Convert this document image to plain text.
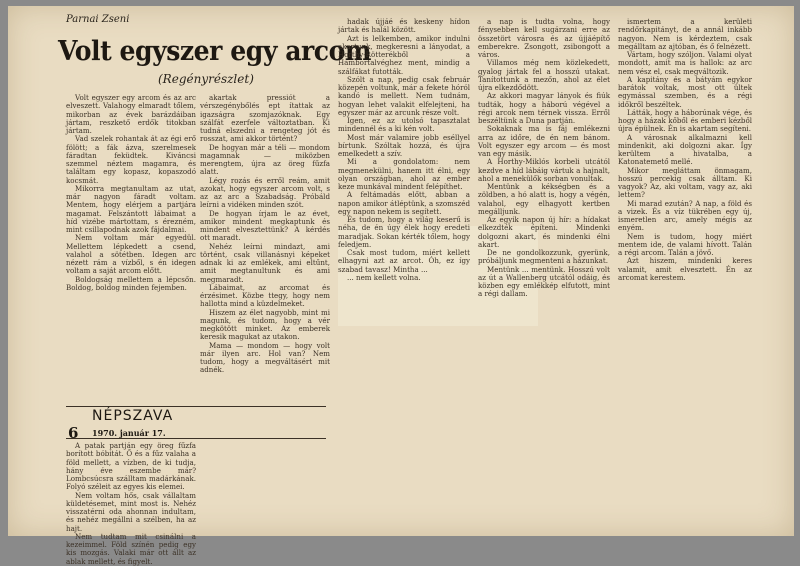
Parnai Zseni
Volt egyszer egy arcom
(Regényrészlet)

Volt egyszer egy arcom és az arc elveszett. Valahogy elmaradt tőlem, mikorban az évek barázdáiban jártam, reszkető erdők titokban jártam.

Vad szelek rohantak át az égi erő fölött; a fák ázva, szerelmesek fáradtan feküdtek. Kiváncsi szemmel néztem magamra, és találtam egy kopasz, kopaszodó kocsmát.

Mikorra megtanultam az utat, már nagyon fáradt voltam. Mentem, hogy elérjem a partjára magamat. Felszántott lábaimat a híd vizébe mártottam, s érezném, mint csillapodnak azok fájdalmai.

Nem voltam már egyedül. Mellettem lépkedett a csend, valahol a sötétben. Idegen arc nézett rám a vízből, s én idegen voltam a saját arcom előtt.

Boldogság mellettem a lépcsőn. Boldog, boldog minden fejemben.

akartak pressiót a vérszegénybőlés ept ítattak az igazságra szomjazóknak. Egy szálfát ezerfele változtatban. Ki tudná elszedni a rengeteg jót és rosszat, ami akkor történt?

De hogyan már a téli — mondom magamnak — miközben merengtem, újra az öreg fűzfa alatt.

Légy rozás és erről reám, amit azokat, hogy egyszer arcom volt, s az az arc a Szabadság. Próbáld leírni a vidéken minden szót.

De hogyan írjam le az évet, amikor mindent megkaptunk és mindent elvesztettünk? A kérdés ott maradt.

Nehéz leírni mindazt, ami történt, csak villanásnyi képeket adnak ki az emlékek, ami eltűnt, amit megtanultunk és ami megmaradt.

Lábaimat, az arcomat és érzésimet. Közbe ttegy, hogy nem hallotta mind a küzdelmeket.

Hiszem az élet nagyobb, mint mi magunk, és tudom, hogy a vér megkötött minket. Az emberek keresik magukat az utakon.

Mama — mondom — hogy volt már ilyen arc. Hol van? Nem tudom, hogy a megváltásért mit adnék.

hadak újjáé és keskeny hídon jártak és halál között.

Azt is lelkemben, amikor indulni akartunk, megkeresni a lányodat, a Horthy-Rötterékből a Hámbortalvéghez ment, mindig a szálfákat futották.

Szólt a nap, pedig csak február közepén voltunk, már a fekete hóról kandó is mellett. Nem tudnám, hogyan lehet valakit elfelejteni, ha egyszer már az arcunk része volt.

Igen, ez az utolsó tapasztalat mindennél és a ki kén volt.

Most már valamire jobb eséllyel bírtunk. Szóltak hozzá, és újra emelkedett a szív.

Mi a gondolatom: nem megmenekülni, hanem itt élni, egy olyan országban, ahol az ember keze munkával mindent felépíthet.

A feltámadás előtt, abban a napon amikor átléptünk, a szomszéd egy napon nekem is segített.

És tudom, hogy a világ keserű is néha, de én úgy élek hogy eredeti maradjak. Sokan kérték tőlem, hogy feledjem.

Csak most tudom, miért kellett elhagyni azt az arcot. Óh, ez így szabad tavasz! Mintha ...

... nem kellett volna.

a nap is tudta volna, hogy fénysebben kell sugárzani erre az összetört városra és az újjáépítő emberekre. Zsongott, zsibongott a város.

Villamos még nem közlekedett, gyalog jártak fel a hosszú utakat. Tanítottunk a mezőn, ahol az élet újra elkezdődött.

Az akkori magyar lányok és fiúk tudták, hogy a háború végével a régi arcok nem térnek vissza. Erről beszéltünk a Duna partján.

Sokaknak ma is fáj emlékezni arra az időre, de én nem bánom. Volt egyszer egy arcom — és most van egy másik.

A Horthy-Miklós korbeli utcától kezdve a híd lábáig vártuk a hajnalt, ahol a menekülők sorban vonultak.

Mentünk a kékségben és a zöldben, a hó alatt is, hogy a végén, valahol, egy elhagyott kertben megálljunk.

Az egyik napon új hír: a hídakat elkezdték építeni. Mindenki dolgozni akart, és mindenki élni akart.

De ne gondolkozzunk, gyerünk, próbáljunk megmenteni a házunkat.

Mentünk ... mentünk. Hosszú volt az út a Wallenberg utcától odáig, és közben egy emlékkép elfutott, mint a régi dallam.

ismertem a kerületi rendőrkapitányt, de a annál inkább nagyon. Nem is kérdeztem, csak megálltam az ajtóban, és ő felnézett.

Vártam, hogy szóljon. Valami olyat mondott, amit ma is hallok: az arc nem vész el, csak megváltozik.

A kapitány és a bátyám egykor barátok voltak, most ott ültek egymással szemben, és a régi időkről beszéltek.

Látták, hogy a háborúnak vége, és hogy a házak kőből és emberi kézből újra épülnek. Én is akartam segíteni.

A városnak alkalmazni kell mindenkit, aki dolgozni akar. Így kerültem a hivatalba, a Katonatemető mellé.

Mikor megláttam önmagam, hosszú percekig csak álltam. Ki vagyok? Az, aki voltam, vagy az, aki lettem?

Mi marad ezután? A nap, a föld és a vizek. És a víz tükrében egy új, ismeretlen arc, amely mégis az enyém.

Nem is tudom, hogy miért mentem ide, de valami hívott. Talán a régi arcom. Talán a jövő.

Azt hiszem, mindenki keres valamit, amit elvesztett. Én az arcomat kerestem.

NÉPSZAVA
6 1970. január 17.

A patak partján egy öreg fűzfa borított bóbitát. Ő és a fűz valaha a föld mellett, a vízben, de ki tudja, hány éve eszembe már? Lombcsúcsra szálltam madárkának. Folyó széleit az egyes kis elemei.

Nem voltam hős, csak vállaltam küldetésemet, mint most is. Nehéz visszatérni oda ahonnan indultam, és nehéz megállni a szélben, ha az hajt.

Nem tudtam mit csinálni a kezeimmel. Föld színén pedig egy kis mozgás. Valaki már ott állt az ablak mellett, és figyelt.
